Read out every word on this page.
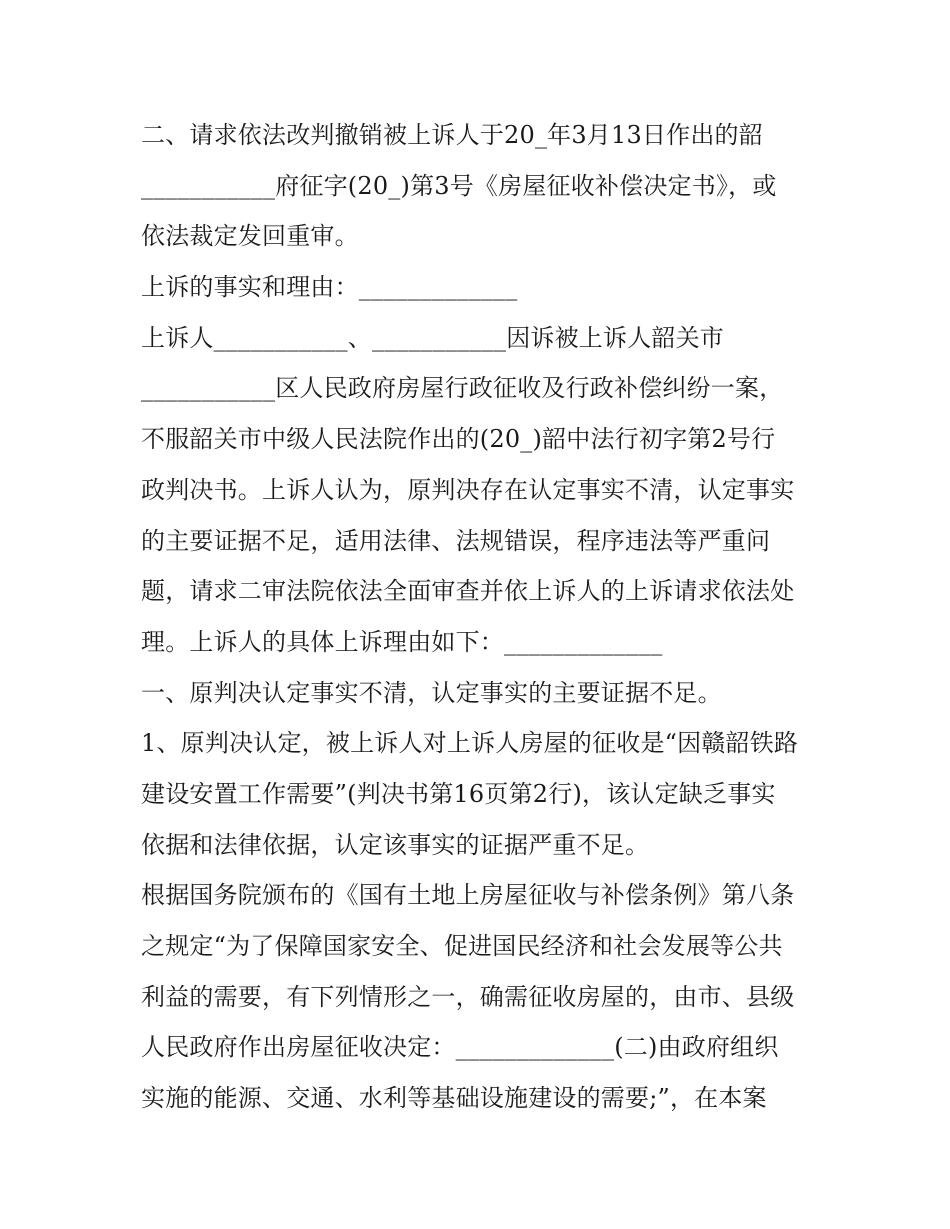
二、请求依法改判撤销被上诉人于20_年3月13日作出的韶
___________府征字(20_)第3号《房屋征收补偿决定书》，或
依法裁定发回重审。
上诉的事实和理由：_____________
上诉人___________、___________因诉被上诉人韶关市
___________区人民政府房屋行政征收及行政补偿纠纷一案，
不服韶关市中级人民法院作出的(20_)韶中法行初字第2号行
政判决书。上诉人认为，原判决存在认定事实不清，认定事实
的主要证据不足，适用法律、法规错误，程序违法等严重问
题，请求二审法院依法全面审查并依上诉人的上诉请求依法处
理。上诉人的具体上诉理由如下：_____________
一、原判决认定事实不清，认定事实的主要证据不足。
1、原判决认定，被上诉人对上诉人房屋的征收是“因赣韶铁路
建设安置工作需要”(判决书第16页第2行)，该认定缺乏事实
依据和法律依据，认定该事实的证据严重不足。
根据国务院颁布的《国有土地上房屋征收与补偿条例》第八条
之规定“为了保障国家安全、促进国民经济和社会发展等公共
利益的需要，有下列情形之一，确需征收房屋的，由市、县级
人民政府作出房屋征收决定：_____________(二)由政府组织
实施的能源、交通、水利等基础设施建设的需要;”，在本案
